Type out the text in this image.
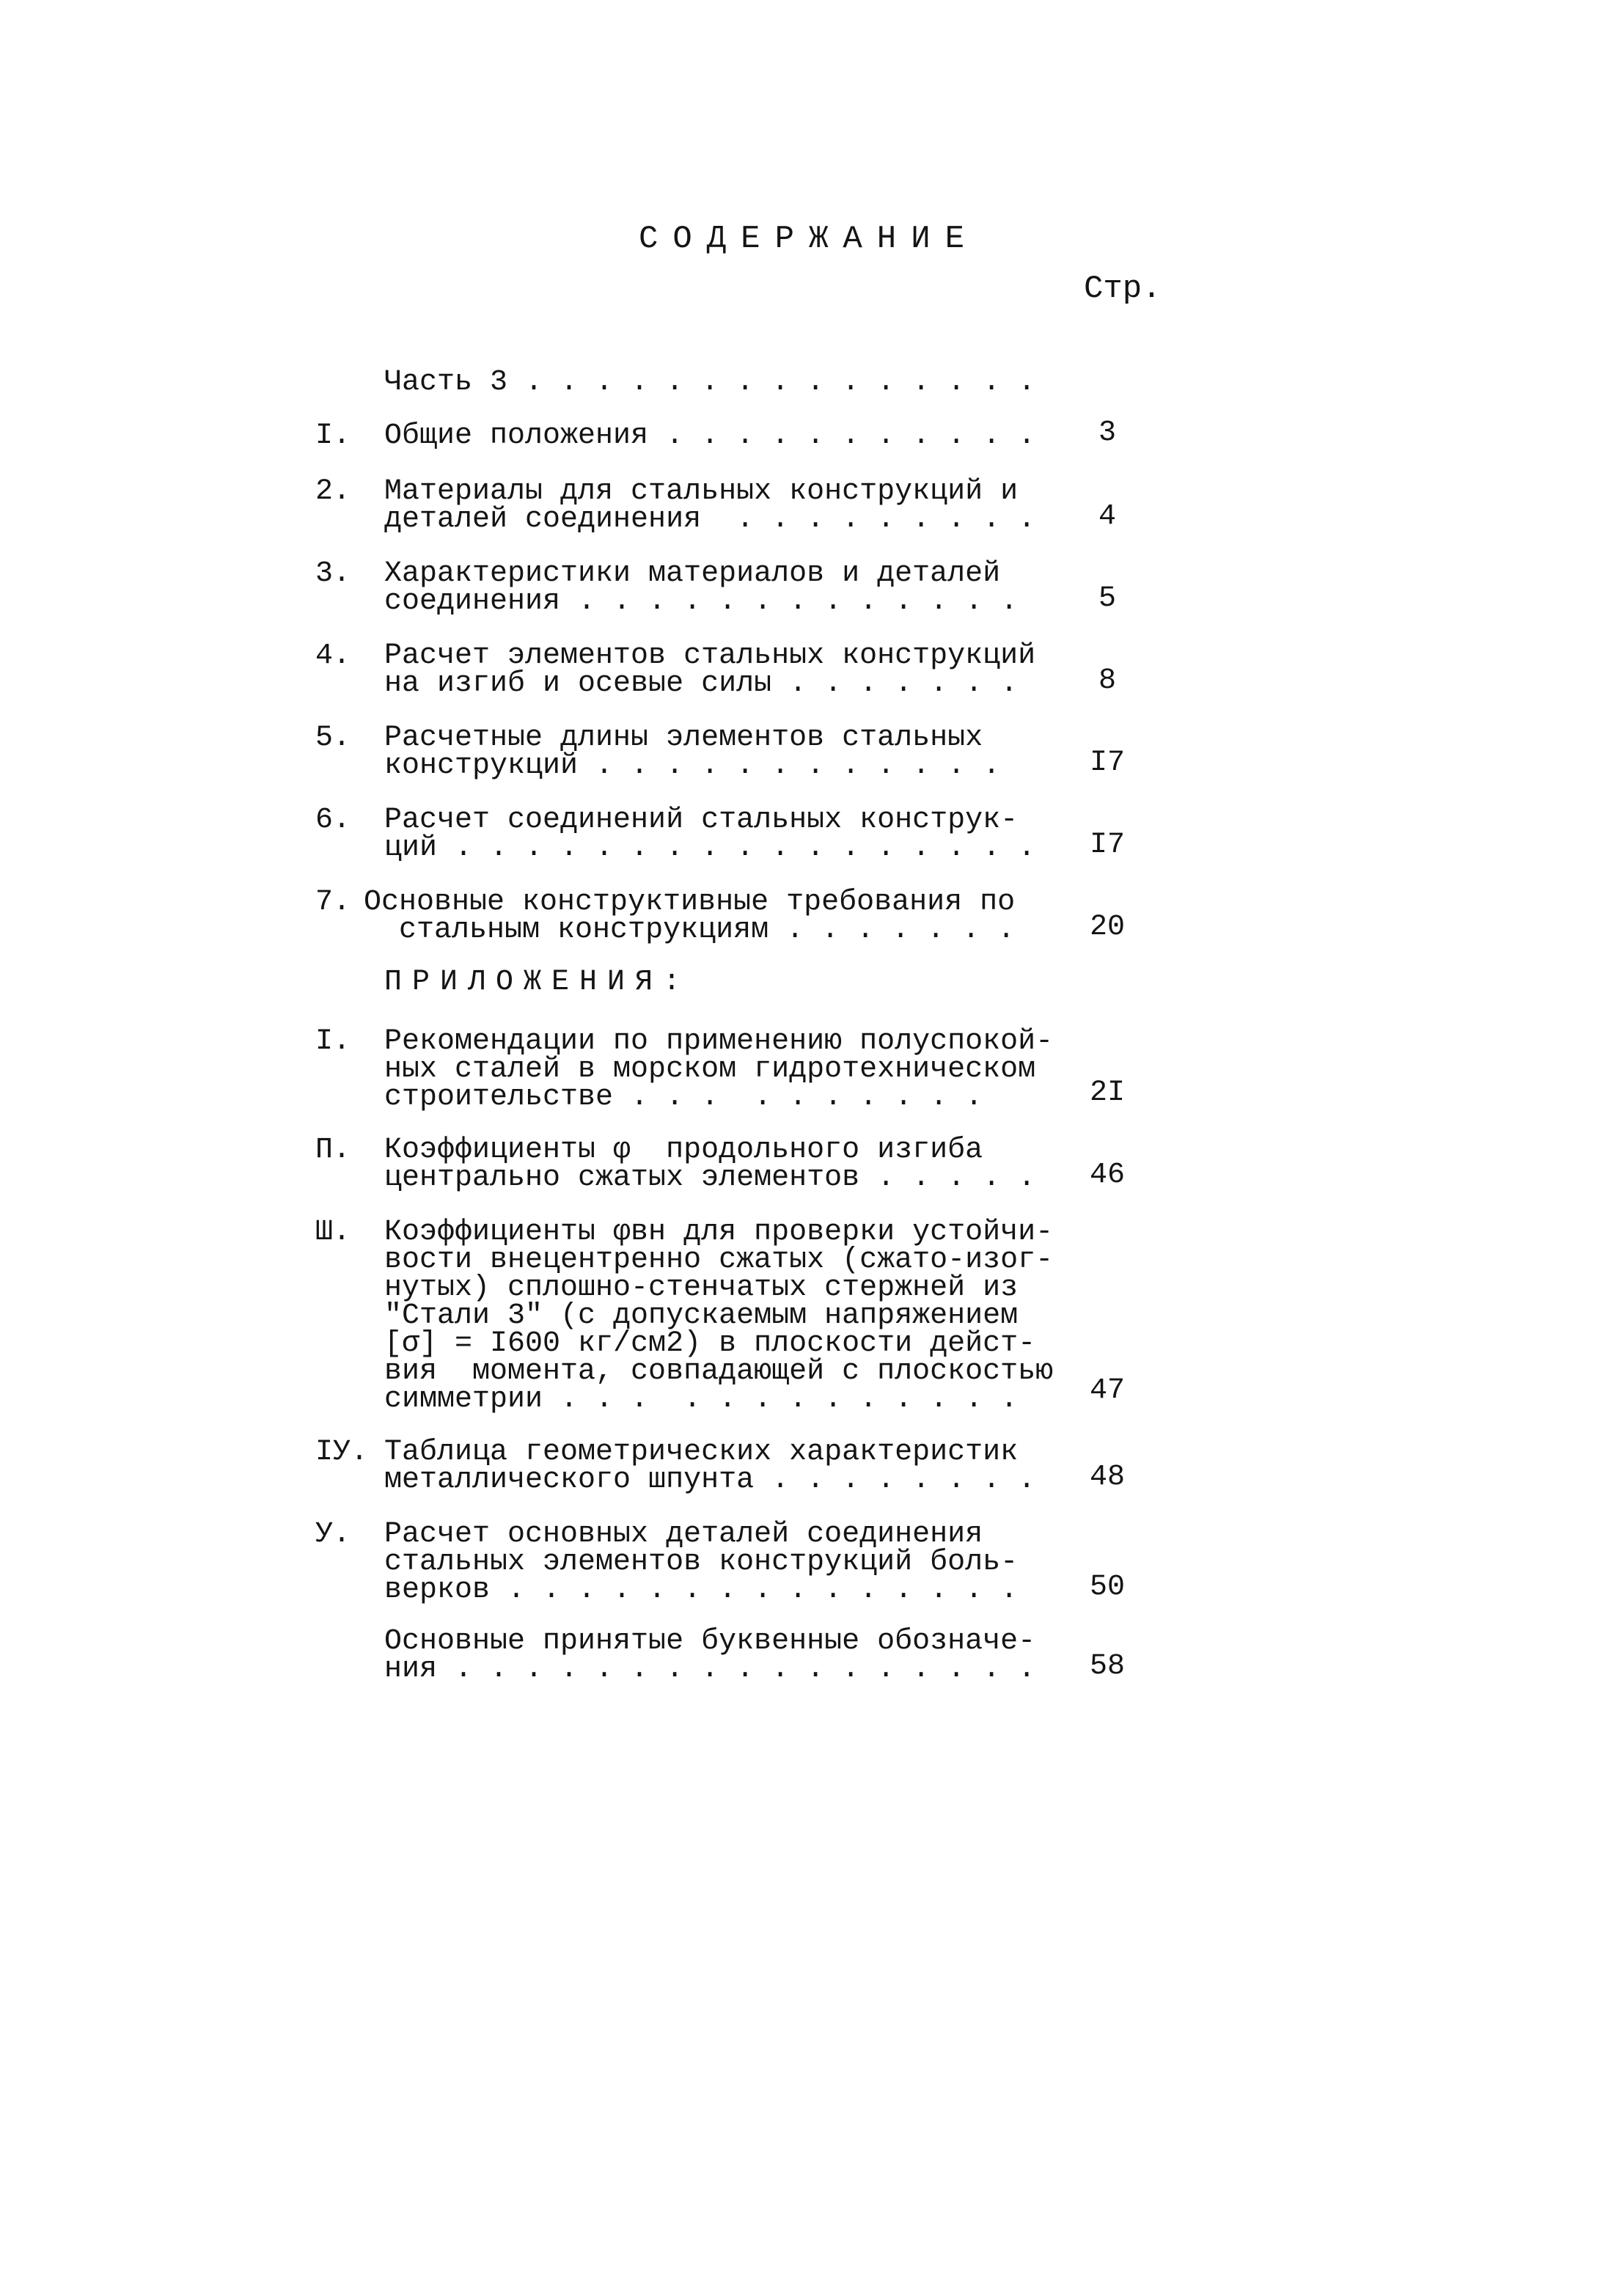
СОДЕРЖАНИЕ
Стр.
Часть 3 . . . . . . . . . . . . . . .
I. Общие положения . . . . . . . . . . .	3
2. Материалы для стальных конструкций и
деталей соединения  . . . . . . . . .	4
3. Характеристики материалов и деталей
соединения . . . . . . . . . . . . .	5
4. Расчет элементов стальных конструкций
на изгиб и осевые силы . . . . . . .	8
5. Расчетные длины элементов стальных
конструкций . . . . . . . . . . . .	I7
6. Расчет соединений стальных конструк-
ций . . . . . . . . . . . . . . . . .	I7
7. Основные конструктивные требования по
стальным конструкциям . . . . . . .	20
ПРИЛОЖЕНИЯ:
I. Рекомендации по применению полуспокой-
ных сталей в морском гидротехническом
строительстве . . .  . . . . . . .	2I
П. Коэффициенты φ  продольного изгиба
центрально сжатых элементов . . . . .	46
Ш. Коэффициенты φвн для проверки устойчи-
вости внецентренно сжатых (сжато-изог-
нутых) сплошно-стенчатых стержней из
"Стали 3" (с допускаемым напряжением
[σ] = I600 кг/см2) в плоскости дейст-
вия  момента, совпадающей с плоскостью
симметрии . . .  . . . . . . . . . .	47
IУ. Таблица геометрических характеристик
металлического шпунта . . . . . . . .	48
У. Расчет основных деталей соединения
стальных элементов конструкций боль-
верков . . . . . . . . . . . . . . .	50
Основные принятые буквенные обозначе-
ния . . . . . . . . . . . . . . . . .	58
